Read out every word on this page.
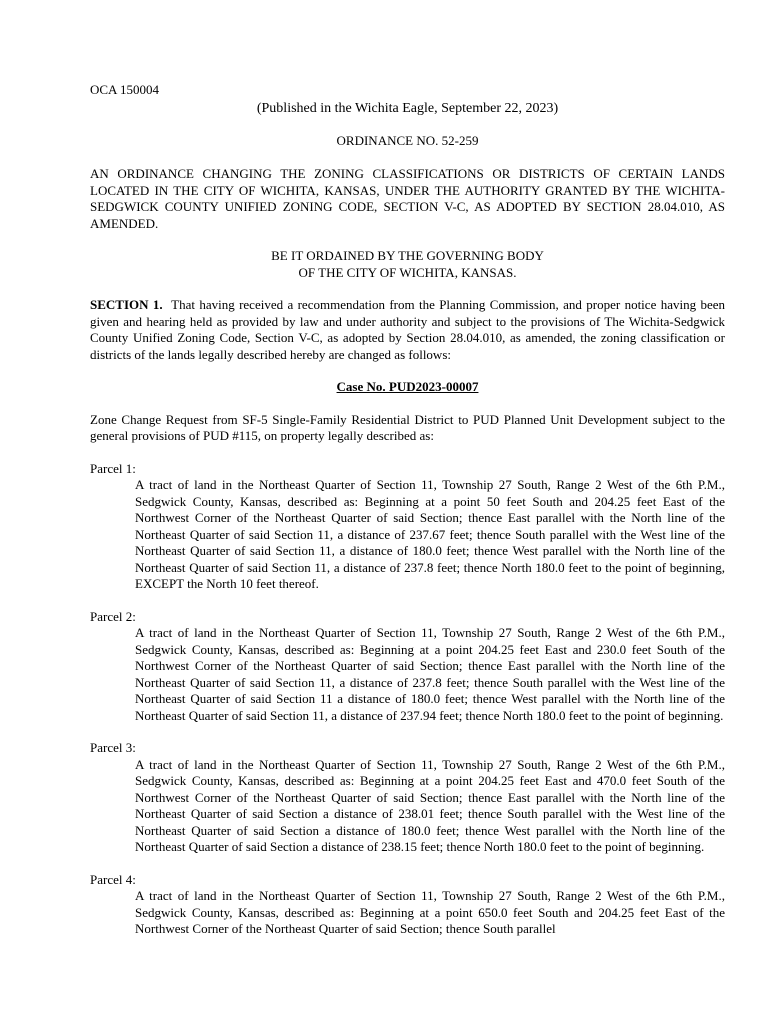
OCA 150004
(Published in the Wichita Eagle, September 22, 2023)
ORDINANCE NO. 52-259
AN ORDINANCE CHANGING THE ZONING CLASSIFICATIONS OR DISTRICTS OF CERTAIN LANDS LOCATED IN THE CITY OF WICHITA, KANSAS, UNDER THE AUTHORITY GRANTED BY THE WICHITA-SEDGWICK COUNTY UNIFIED ZONING CODE, SECTION V-C, AS ADOPTED BY SECTION 28.04.010, AS AMENDED.
BE IT ORDAINED BY THE GOVERNING BODY
OF THE CITY OF WICHITA, KANSAS.
SECTION 1. That having received a recommendation from the Planning Commission, and proper notice having been given and hearing held as provided by law and under authority and subject to the provisions of The Wichita-Sedgwick County Unified Zoning Code, Section V-C, as adopted by Section 28.04.010, as amended, the zoning classification or districts of the lands legally described hereby are changed as follows:
Case No. PUD2023-00007
Zone Change Request from SF-5 Single-Family Residential District to PUD Planned Unit Development subject to the general provisions of PUD #115, on property legally described as:
Parcel 1:
A tract of land in the Northeast Quarter of Section 11, Township 27 South, Range 2 West of the 6th P.M., Sedgwick County, Kansas, described as: Beginning at a point 50 feet South and 204.25 feet East of the Northwest Corner of the Northeast Quarter of said Section; thence East parallel with the North line of the Northeast Quarter of said Section 11, a distance of 237.67 feet; thence South parallel with the West line of the Northeast Quarter of said Section 11, a distance of 180.0 feet; thence West parallel with the North line of the Northeast Quarter of said Section 11, a distance of 237.8 feet; thence North 180.0 feet to the point of beginning, EXCEPT the North 10 feet thereof.
Parcel 2:
A tract of land in the Northeast Quarter of Section 11, Township 27 South, Range 2 West of the 6th P.M., Sedgwick County, Kansas, described as: Beginning at a point 204.25 feet East and 230.0 feet South of the Northwest Corner of the Northeast Quarter of said Section; thence East parallel with the North line of the Northeast Quarter of said Section 11, a distance of 237.8 feet; thence South parallel with the West line of the Northeast Quarter of said Section 11 a distance of 180.0 feet; thence West parallel with the North line of the Northeast Quarter of said Section 11, a distance of 237.94 feet; thence North 180.0 feet to the point of beginning.
Parcel 3:
A tract of land in the Northeast Quarter of Section 11, Township 27 South, Range 2 West of the 6th P.M., Sedgwick County, Kansas, described as: Beginning at a point 204.25 feet East and 470.0 feet South of the Northwest Corner of the Northeast Quarter of said Section; thence East parallel with the North line of the Northeast Quarter of said Section a distance of 238.01 feet; thence South parallel with the West line of the Northeast Quarter of said Section a distance of 180.0 feet; thence West parallel with the North line of the Northeast Quarter of said Section a distance of 238.15 feet; thence North 180.0 feet to the point of beginning.
Parcel 4:
A tract of land in the Northeast Quarter of Section 11, Township 27 South, Range 2 West of the 6th P.M., Sedgwick County, Kansas, described as: Beginning at a point 650.0 feet South and 204.25 feet East of the Northwest Corner of the Northeast Quarter of said Section; thence South parallel
